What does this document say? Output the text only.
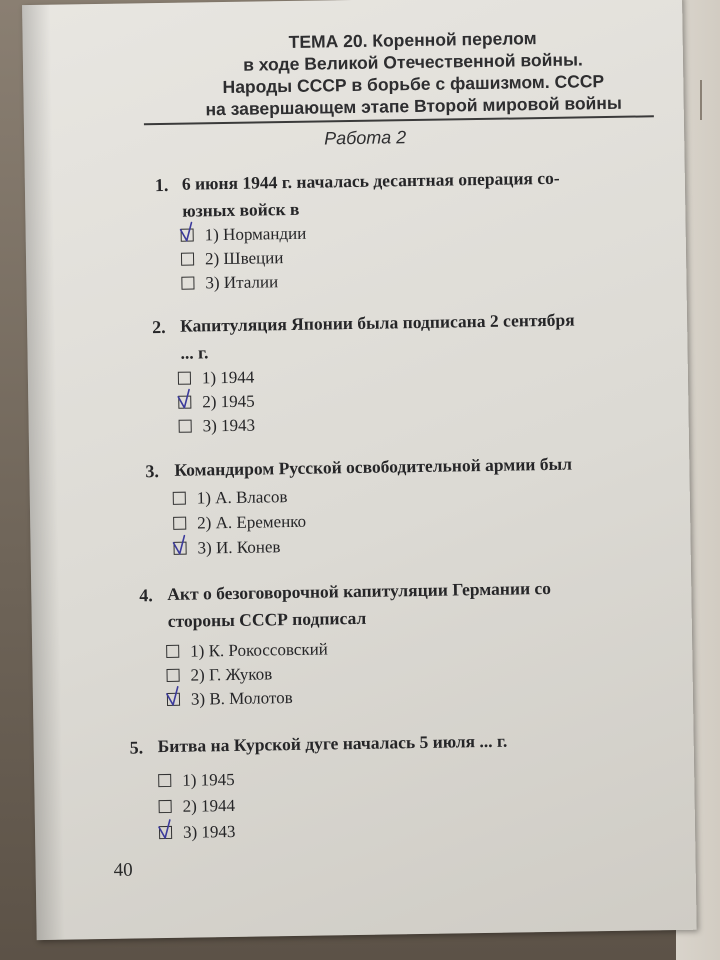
ТЕМА 20. Коренной перелом
в ходе Великой Отечественной войны.
Народы СССР в борьбе с фашизмом. СССР
на завершающем этапе Второй мировой войны
Работа 2
1. 6 июня 1944 г. началась десантная операция со-
юзных войск в
1) Нормандии
2) Швеции
3) Италии
2. Капитуляция Японии была подписана 2 сентября
... г.
1) 1944
2) 1945
3) 1943
3. Командиром Русской освободительной армии был
1) А. Власов
2) А. Еременко
3) И. Конев
4. Акт о безоговорочной капитуляции Германии со
стороны СССР подписал
1) К. Рокоссовский
2) Г. Жуков
3) В. Молотов
5. Битва на Курской дуге началась 5 июля ... г.
1) 1945
2) 1944
3) 1943
40
